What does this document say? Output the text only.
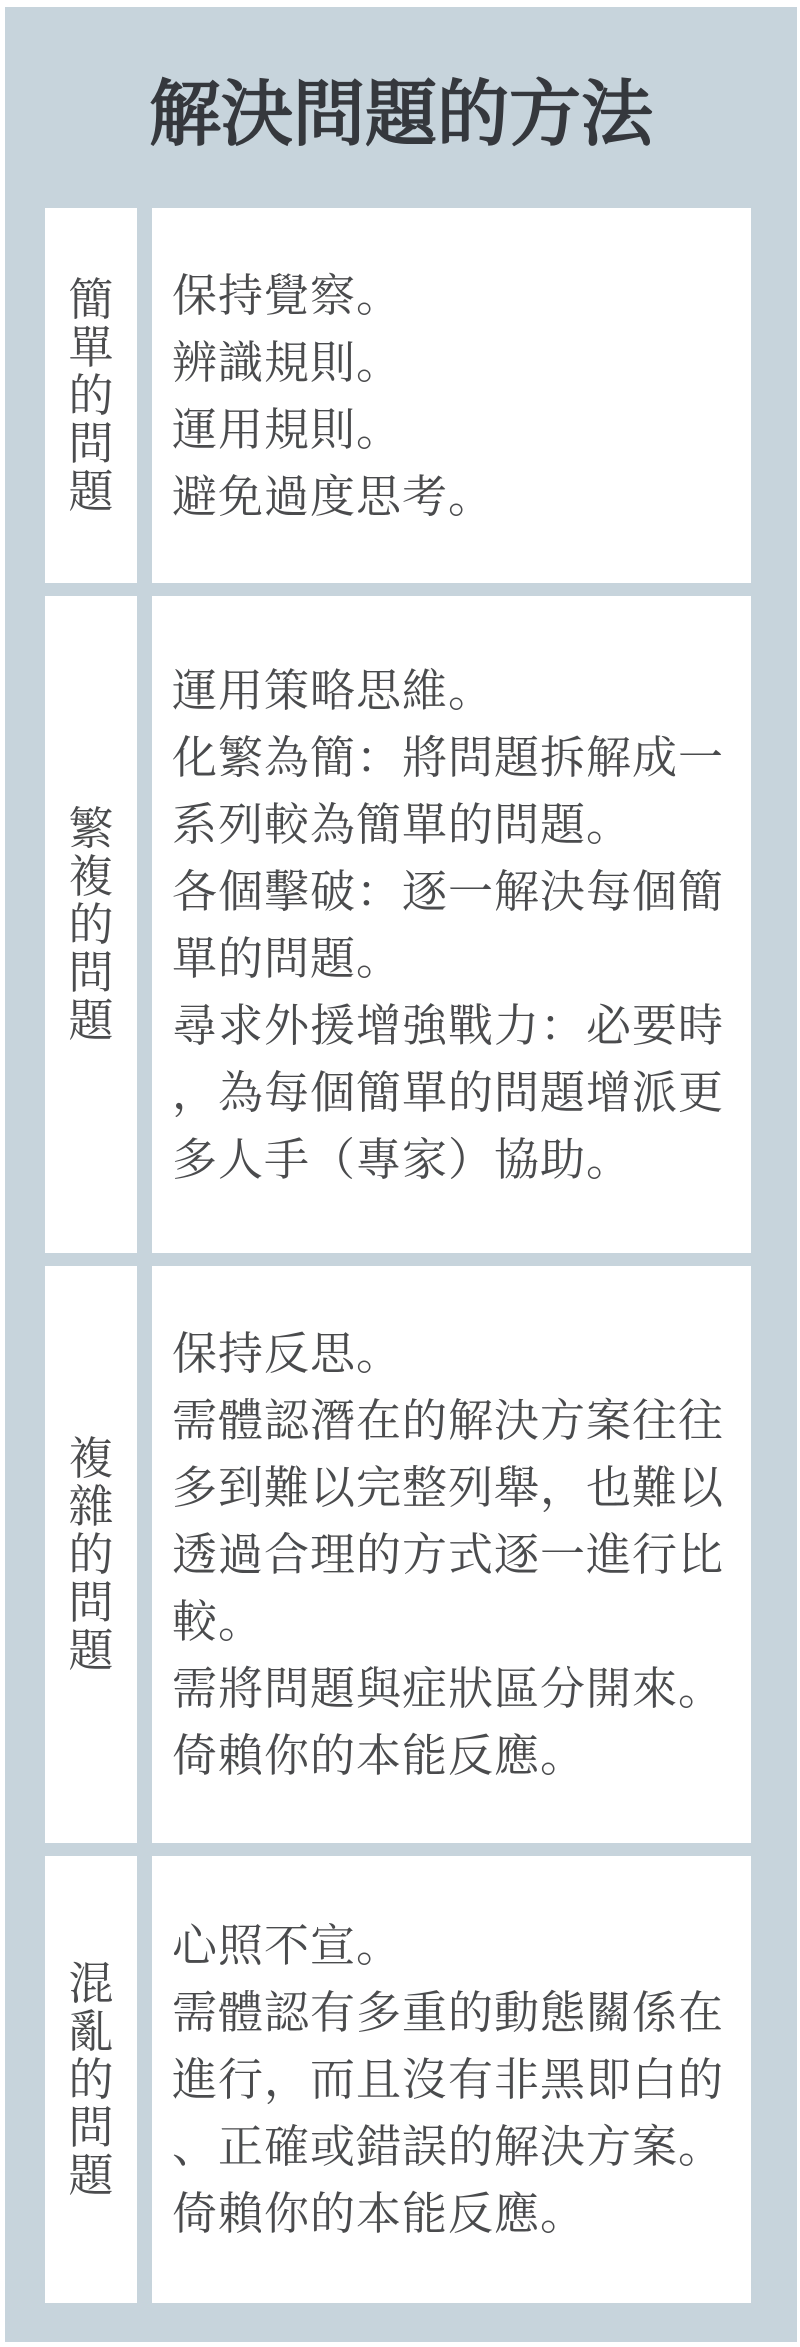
解決問題的方法
簡
單
的
問
題

保持覺察。

辨識規則。

運用規則。

避免過度思考。

繁
複
的
問
題

運用策略思維。

化繁為簡：將問題拆解成一系列較為簡單的問題。

各個擊破：逐一解決每個簡單的問題。

尋求外援增強戰力：必要時，為每個簡單的問題增派更多人手（專家）協助。

複
雜
的
問
題

保持反思。

需體認潛在的解決方案往往多到難以完整列舉，也難以透過合理的方式逐一進行比較。

需將問題與症狀區分開來。

倚賴你的本能反應。

混
亂
的
問
題

心照不宣。

需體認有多重的動態關係在進行，而且沒有非黑即白的、正確或錯誤的解決方案。

倚賴你的本能反應。
